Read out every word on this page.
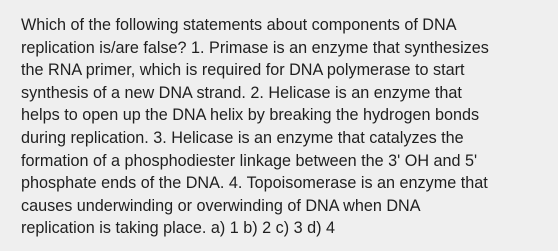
Which of the following statements about components of DNA
replication is/are false? 1. Primase is an enzyme that synthesizes
the RNA primer, which is required for DNA polymerase to start
synthesis of a new DNA strand. 2. Helicase is an enzyme that
helps to open up the DNA helix by breaking the hydrogen bonds
during replication. 3. Helicase is an enzyme that catalyzes the
formation of a phosphodiester linkage between the 3' OH and 5'
phosphate ends of the DNA. 4. Topoisomerase is an enzyme that
causes underwinding or overwinding of DNA when DNA
replication is taking place. a) 1 b) 2 c) 3 d) 4
